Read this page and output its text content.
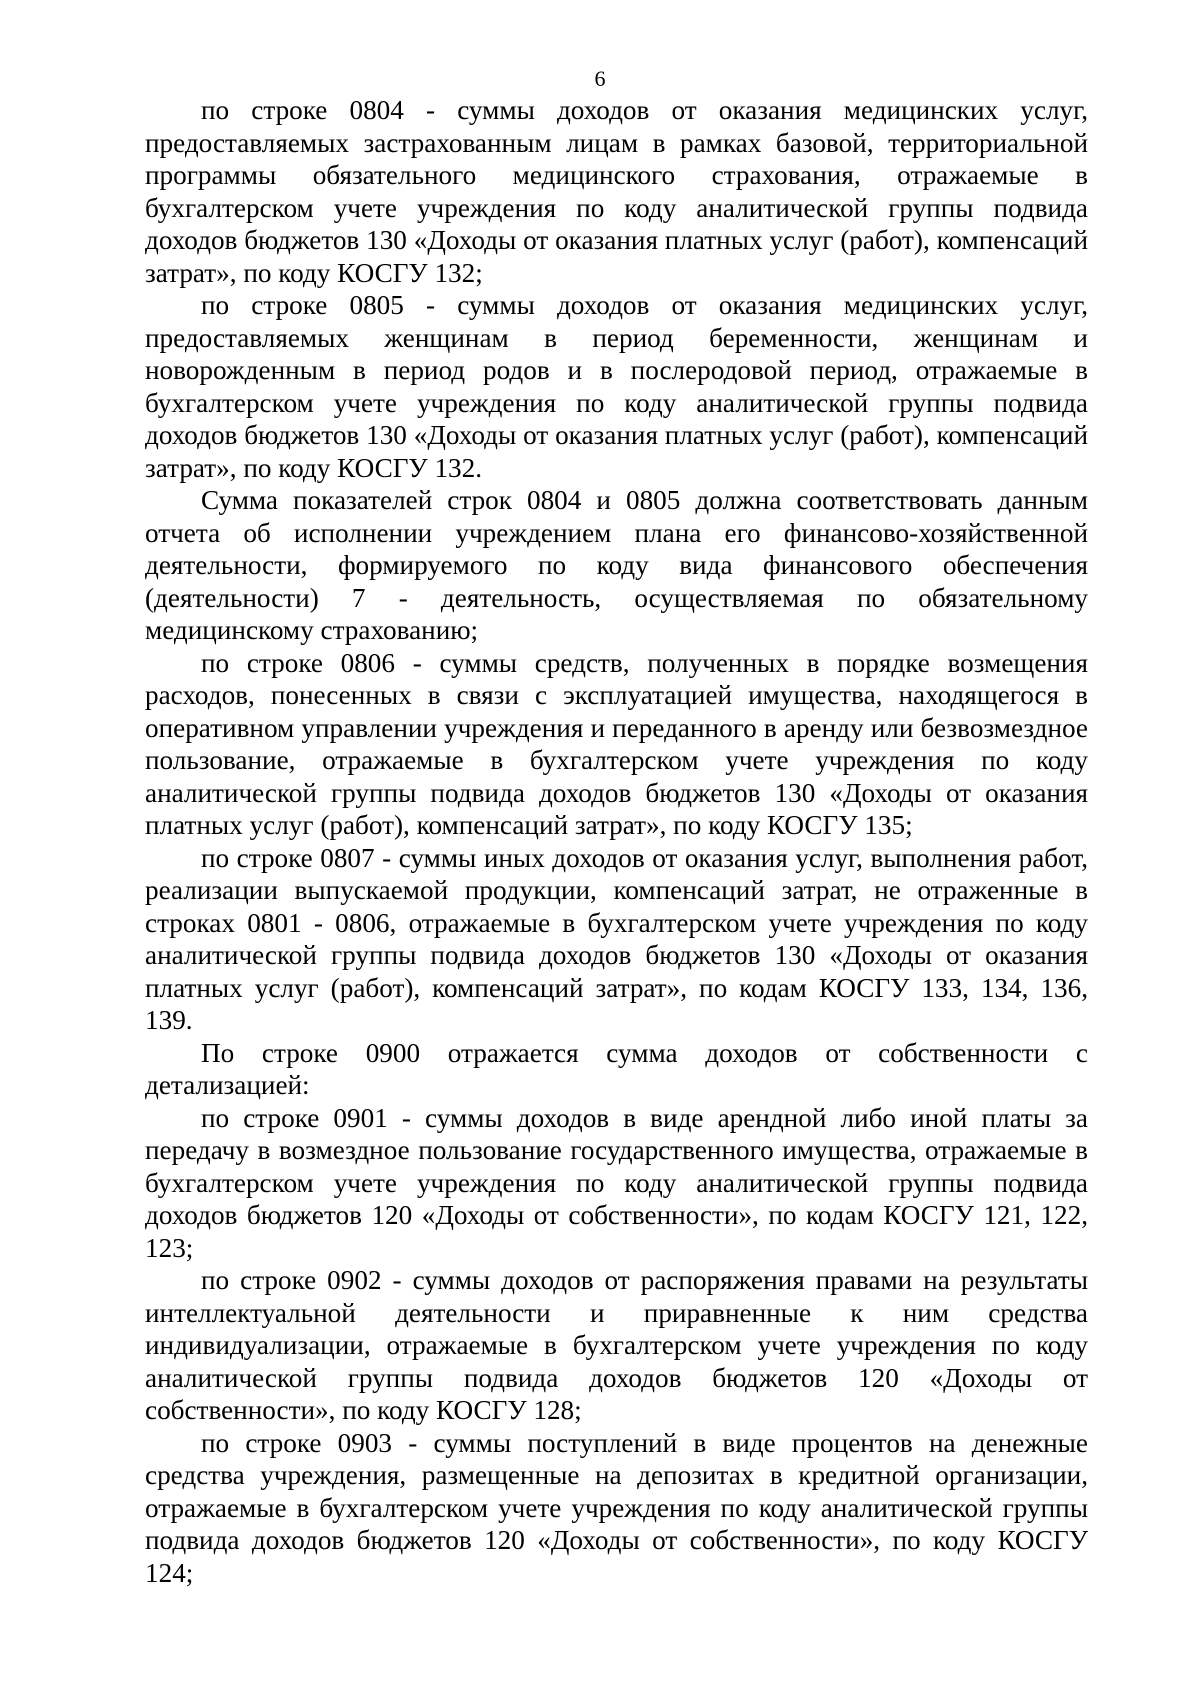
6

по строке 0804 - суммы доходов от оказания медицинских услуг, предоставляемых застрахованным лицам в рамках базовой, территориальной программы обязательного медицинского страхования, отражаемые в бухгалтерском учете учреждения по коду аналитической группы подвида доходов бюджетов 130 «Доходы от оказания платных услуг (работ), компенсаций затрат», по коду КОСГУ 132;

по строке 0805 - суммы доходов от оказания медицинских услуг, предоставляемых женщинам в период беременности, женщинам и новорожденным в период родов и в послеродовой период, отражаемые в бухгалтерском учете учреждения по коду аналитической группы подвида доходов бюджетов 130 «Доходы от оказания платных услуг (работ), компенсаций затрат», по коду КОСГУ 132.

Сумма показателей строк 0804 и 0805 должна соответствовать данным отчета об исполнении учреждением плана его финансово-хозяйственной деятельности, формируемого по коду вида финансового обеспечения (деятельности) 7 - деятельность, осуществляемая по обязательному медицинскому страхованию;

по строке 0806 - суммы средств, полученных в порядке возмещения расходов, понесенных в связи с эксплуатацией имущества, находящегося в оперативном управлении учреждения и переданного в аренду или безвозмездное пользование, отражаемые в бухгалтерском учете учреждения по коду аналитической группы подвида доходов бюджетов 130 «Доходы от оказания платных услуг (работ), компенсаций затрат», по коду КОСГУ 135;

по строке 0807 - суммы иных доходов от оказания услуг, выполнения работ, реализации выпускаемой продукции, компенсаций затрат, не отраженные в строках 0801 - 0806, отражаемые в бухгалтерском учете учреждения по коду аналитической группы подвида доходов бюджетов 130 «Доходы от оказания платных услуг (работ), компенсаций затрат», по кодам КОСГУ 133, 134, 136, 139.

По строке 0900 отражается сумма доходов от собственности с детализацией:

по строке 0901 - суммы доходов в виде арендной либо иной платы за передачу в возмездное пользование государственного имущества, отражаемые в бухгалтерском учете учреждения по коду аналитической группы подвида доходов бюджетов 120 «Доходы от собственности», по кодам КОСГУ 121, 122, 123;

по строке 0902 - суммы доходов от распоряжения правами на результаты интеллектуальной деятельности и приравненные к ним средства индивидуализации, отражаемые в бухгалтерском учете учреждения по коду аналитической группы подвида доходов бюджетов 120 «Доходы от собственности», по коду КОСГУ 128;

по строке 0903 - суммы поступлений в виде процентов на денежные средства учреждения, размещенные на депозитах в кредитной организации, отражаемые в бухгалтерском учете учреждения по коду аналитической группы подвида доходов бюджетов 120 «Доходы от собственности», по коду КОСГУ 124;
